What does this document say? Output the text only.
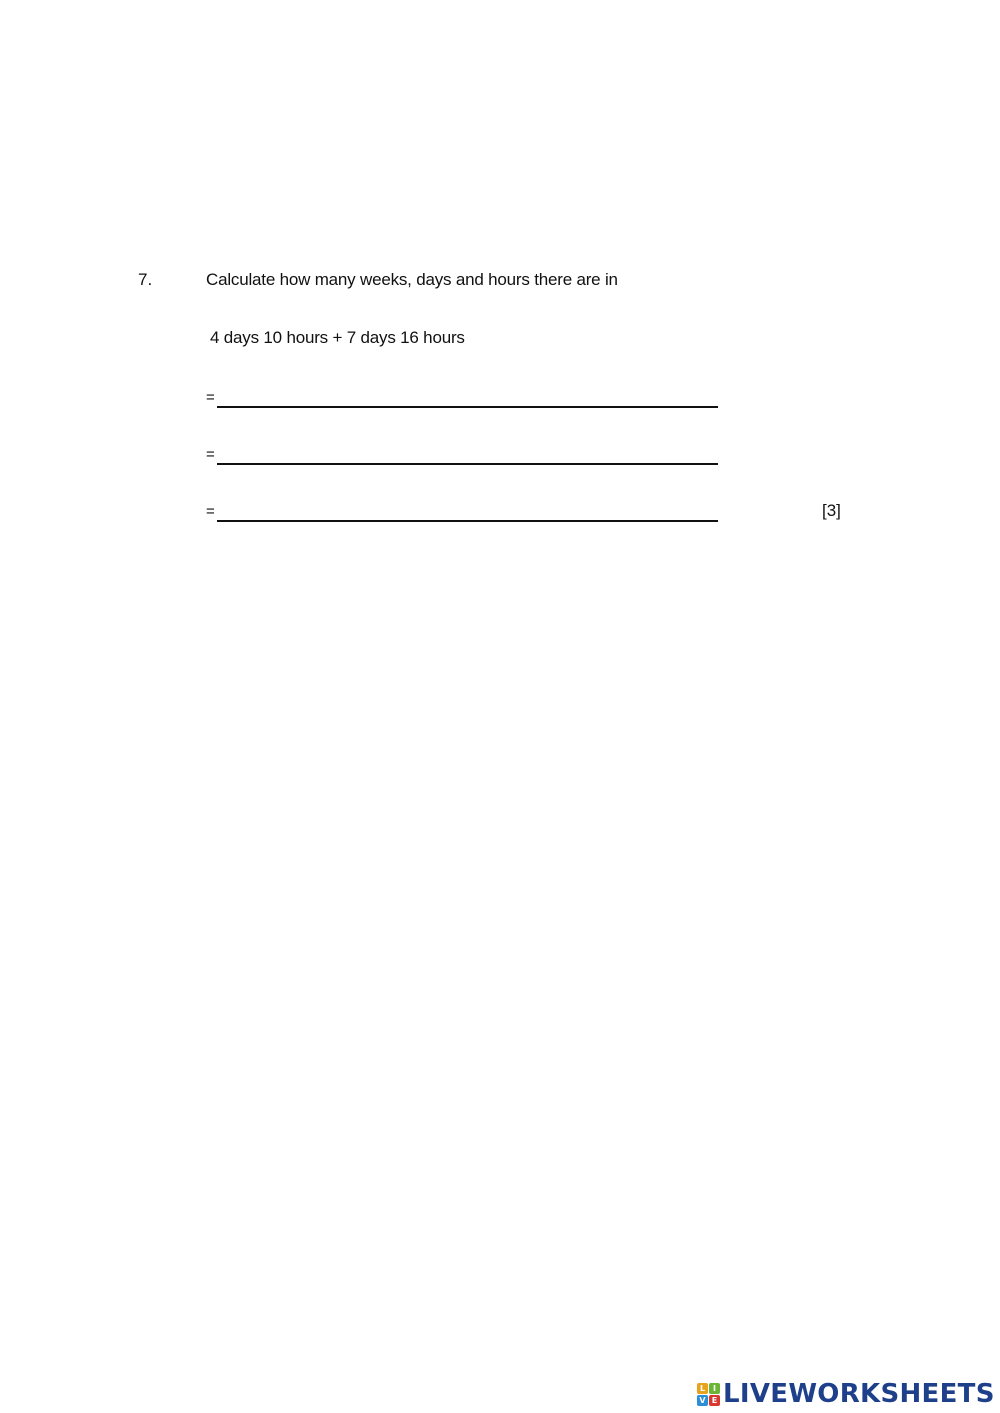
7.	Calculate how many weeks, days and hours there are in
4 days 10 hours + 7 days 16 hours
=
=
=	[3]
L I
V E LIVEWORKSHEETS
